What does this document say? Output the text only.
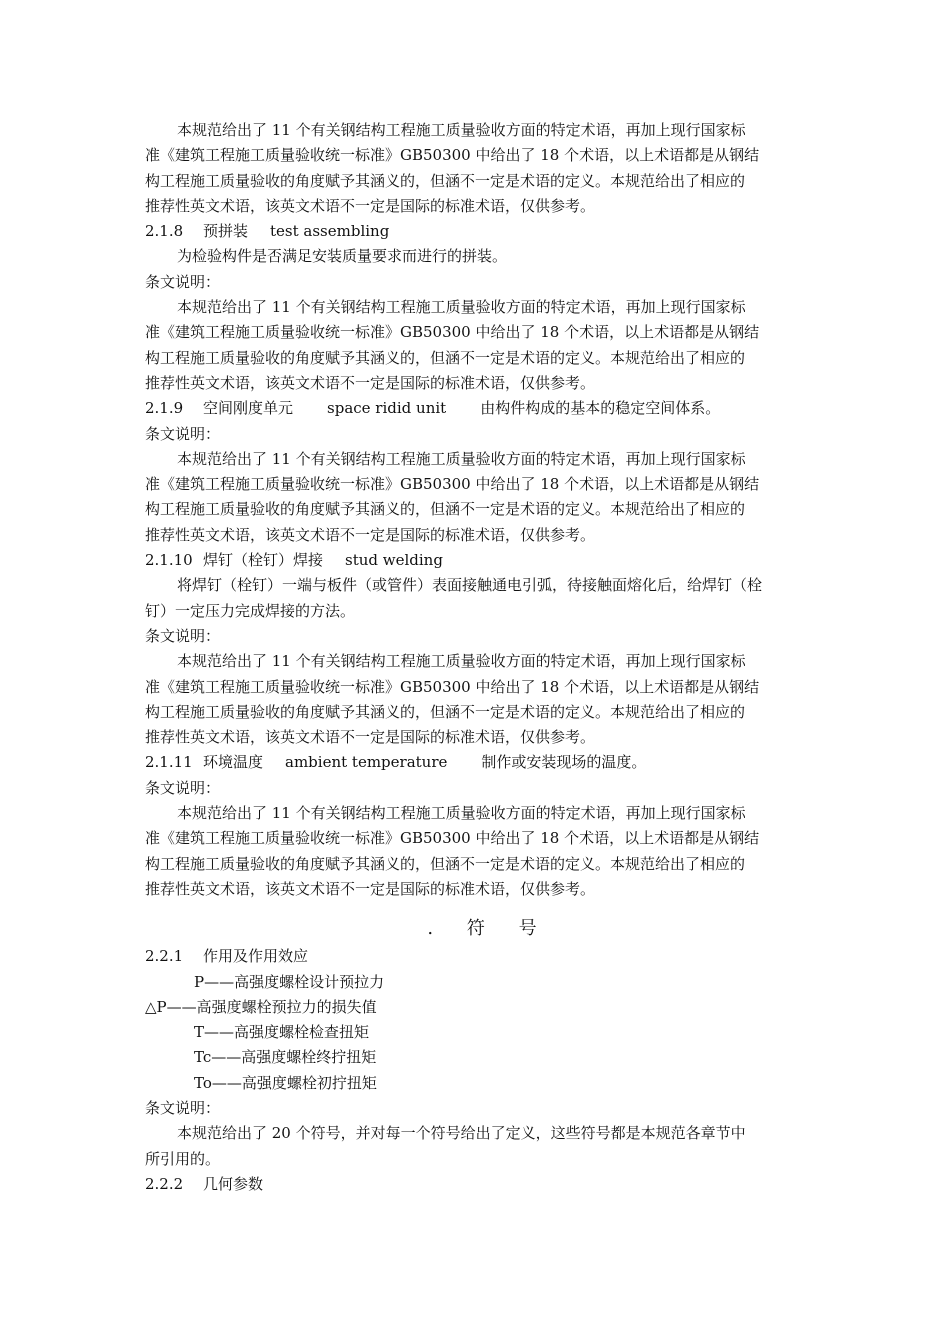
本规范给出了 11 个有关钢结构工程施工质量验收方面的特定术语，再加上现行国家标
准《建筑工程施工质量验收统一标准》GB50300 中给出了 18 个术语，以上术语都是从钢结
构工程施工质量验收的角度赋予其涵义的，但涵不一定是术语的定义。本规范给出了相应的
推荐性英文术语，该英文术语不一定是国际的标准术语，仅供参考。
2.1.8 预拼装 test assembling
为检验构件是否满足安装质量要求而进行的拼装。
条文说明：
本规范给出了 11 个有关钢结构工程施工质量验收方面的特定术语，再加上现行国家标
准《建筑工程施工质量验收统一标准》GB50300 中给出了 18 个术语，以上术语都是从钢结
构工程施工质量验收的角度赋予其涵义的，但涵不一定是术语的定义。本规范给出了相应的
推荐性英文术语，该英文术语不一定是国际的标准术语，仅供参考。
2.1.9 空间刚度单元 space ridid unit 由构件构成的基本的稳定空间体系。
条文说明：
本规范给出了 11 个有关钢结构工程施工质量验收方面的特定术语，再加上现行国家标
准《建筑工程施工质量验收统一标准》GB50300 中给出了 18 个术语，以上术语都是从钢结
构工程施工质量验收的角度赋予其涵义的，但涵不一定是术语的定义。本规范给出了相应的
推荐性英文术语，该英文术语不一定是国际的标准术语，仅供参考。
2.1.10 焊钉（栓钉）焊接 stud welding
将焊钉（栓钉）一端与板件（或管件）表面接触通电引弧，待接触面熔化后，给焊钉（栓
钉）一定压力完成焊接的方法。
条文说明：
本规范给出了 11 个有关钢结构工程施工质量验收方面的特定术语，再加上现行国家标
准《建筑工程施工质量验收统一标准》GB50300 中给出了 18 个术语，以上术语都是从钢结
构工程施工质量验收的角度赋予其涵义的，但涵不一定是术语的定义。本规范给出了相应的
推荐性英文术语，该英文术语不一定是国际的标准术语，仅供参考。
2.1.11 环境温度 ambient temperature 制作或安装现场的温度。
条文说明：
本规范给出了 11 个有关钢结构工程施工质量验收方面的特定术语，再加上现行国家标
准《建筑工程施工质量验收统一标准》GB50300 中给出了 18 个术语，以上术语都是从钢结
构工程施工质量验收的角度赋予其涵义的，但涵不一定是术语的定义。本规范给出了相应的
推荐性英文术语，该英文术语不一定是国际的标准术语，仅供参考。
. 符 号
2.2.1 作用及作用效应
P——高强度螺栓设计预拉力
△P——高强度螺栓预拉力的损失值
T——高强度螺栓检查扭矩
Tc——高强度螺栓终拧扭矩
To——高强度螺栓初拧扭矩
条文说明：
本规范给出了 20 个符号，并对每一个符号给出了定义，这些符号都是本规范各章节中
所引用的。
2.2.2 几何参数
